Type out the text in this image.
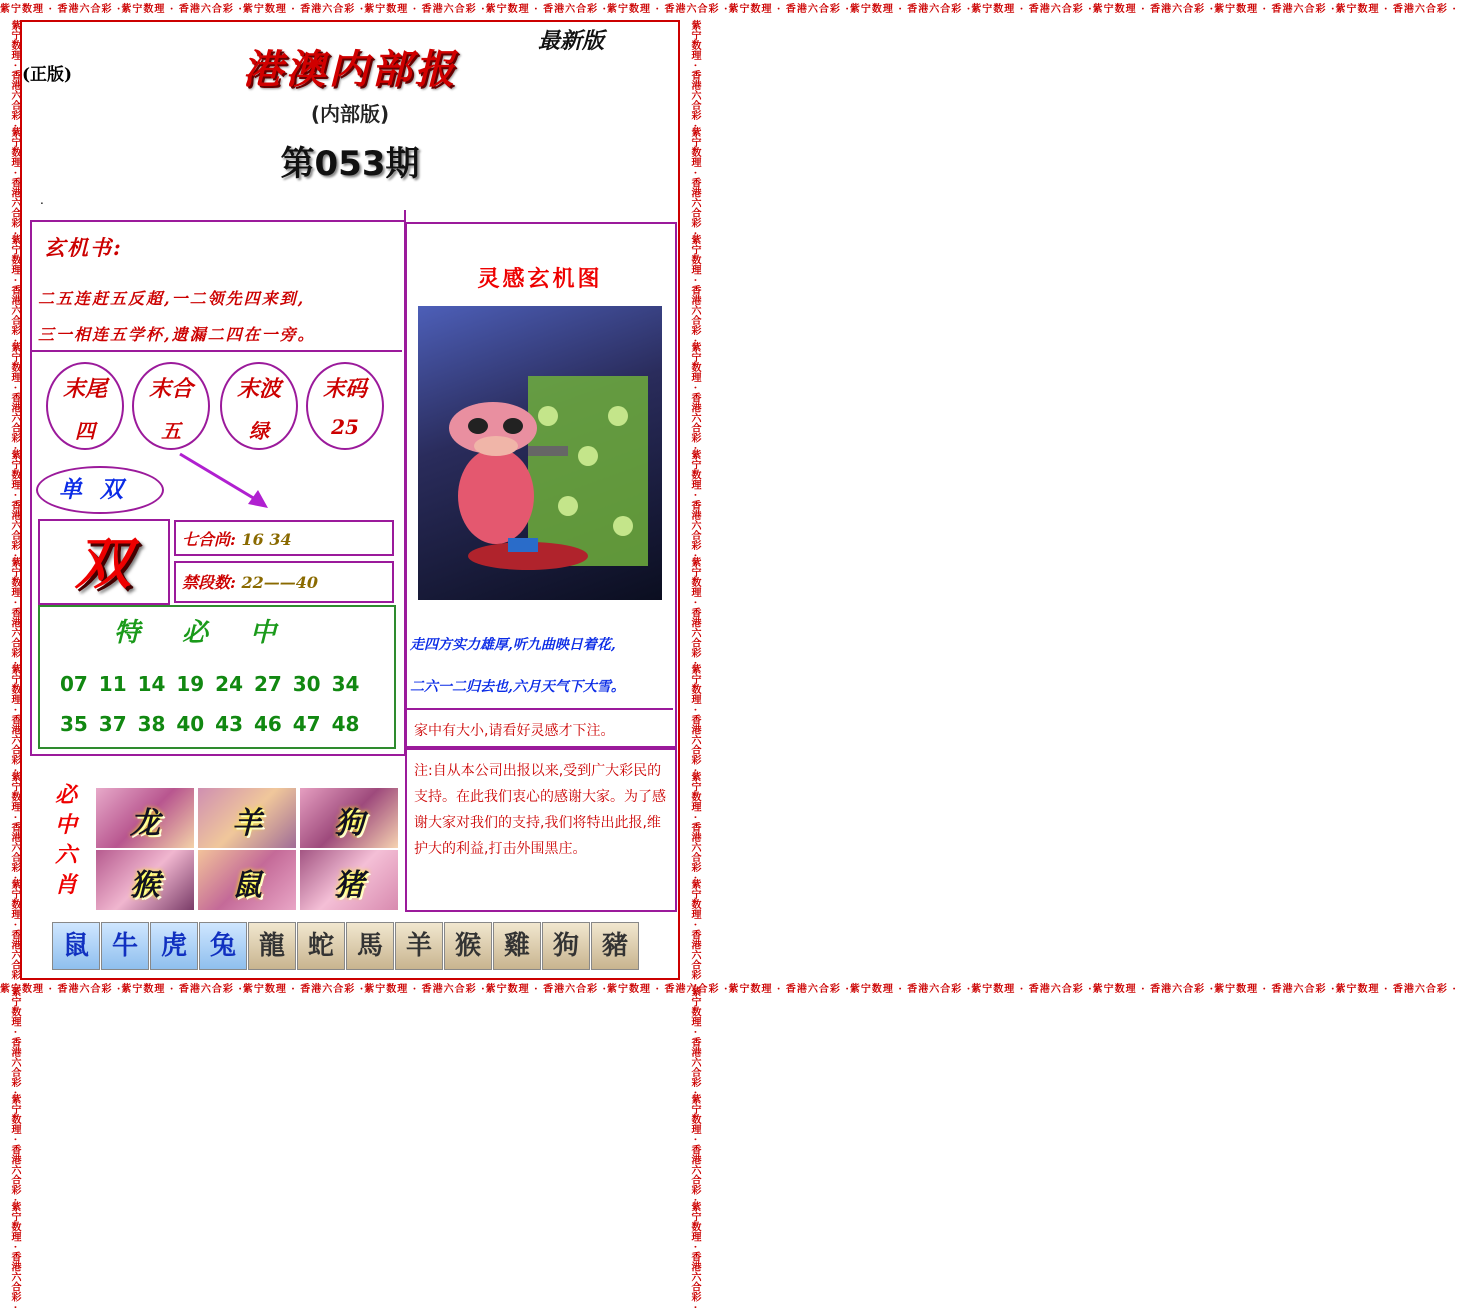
紫宁数理 · 香港六合彩 ·紫宁数理 · 香港六合彩 ·紫宁数理 · 香港六合彩 ·紫宁数理 · 香港六合彩 ·紫宁数理 · 香港六合彩 ·紫宁数理 · 香港六合彩 ·紫宁数理 · 香港六合彩 ·紫宁数理 · 香港六合彩 ·紫宁数理 · 香港六合彩 ·紫宁数理 · 香港六合彩 ·紫宁数理 · 香港六合彩 ·紫宁数理 · 香港六合彩 ·
紫宁数理 · 香港六合彩 ·紫宁数理 · 香港六合彩 ·紫宁数理 · 香港六合彩 ·紫宁数理 · 香港六合彩 ·紫宁数理 · 香港六合彩 ·紫宁数理 · 香港六合彩 ·紫宁数理 · 香港六合彩 ·紫宁数理 · 香港六合彩 ·紫宁数理 · 香港六合彩 ·紫宁数理 · 香港六合彩 ·紫宁数理 · 香港六合彩 ·紫宁数理 · 香港六合彩 ·
紫宁数理 · 香港六合彩 ·紫宁数理 · 香港六合彩 ·紫宁数理 · 香港六合彩 ·紫宁数理 · 香港六合彩 ·紫宁数理 · 香港六合彩 ·紫宁数理 · 香港六合彩 ·紫宁数理 · 香港六合彩 ·紫宁数理 · 香港六合彩 ·紫宁数理 · 香港六合彩 ·紫宁数理 · 香港六合彩 ·紫宁数理 · 香港六合彩 ·紫宁数理 · 香港六合彩 ·	紫宁数理 · 香港六合彩 ·紫宁数理 · 香港六合彩 ·紫宁数理 · 香港六合彩 ·紫宁数理 · 香港六合彩 ·紫宁数理 · 香港六合彩 ·紫宁数理 · 香港六合彩 ·紫宁数理 · 香港六合彩 ·紫宁数理 · 香港六合彩 ·紫宁数理 · 香港六合彩 ·紫宁数理 · 香港六合彩 ·紫宁数理 · 香港六合彩 ·紫宁数理 · 香港六合彩 ·
(正版)
最新版
港澳内部报
(内部版)
第053期
.
玄机书:
二五连赶五反超,一二领先四来到,
三一相连五学杯,遗漏二四在一旁。
末尾
四
末合
五
末波
绿
末码
25
单双
双	七合尚: 16 34
禁段数: 22——40
特必中
07 11 14 19 24 27 30 34
35 37 38 40 43 46 47 48
必
中
六
肖
龙	羊	狗
猴	鼠	猪
灵感玄机图
走四方实力雄厚,听九曲映日着花,
二六一二归去也,六月天气下大雪。
家中有大小,请看好灵感才下注。
注:自从本公司出报以来,受到广大彩民的支持。在此我们衷心的感谢大家。为了感谢大家对我们的支持,我们将特出此报,维护大的利益,打击外围黑庄。
鼠 牛 虎 兔 龍 蛇 馬 羊 猴 雞 狗 豬
